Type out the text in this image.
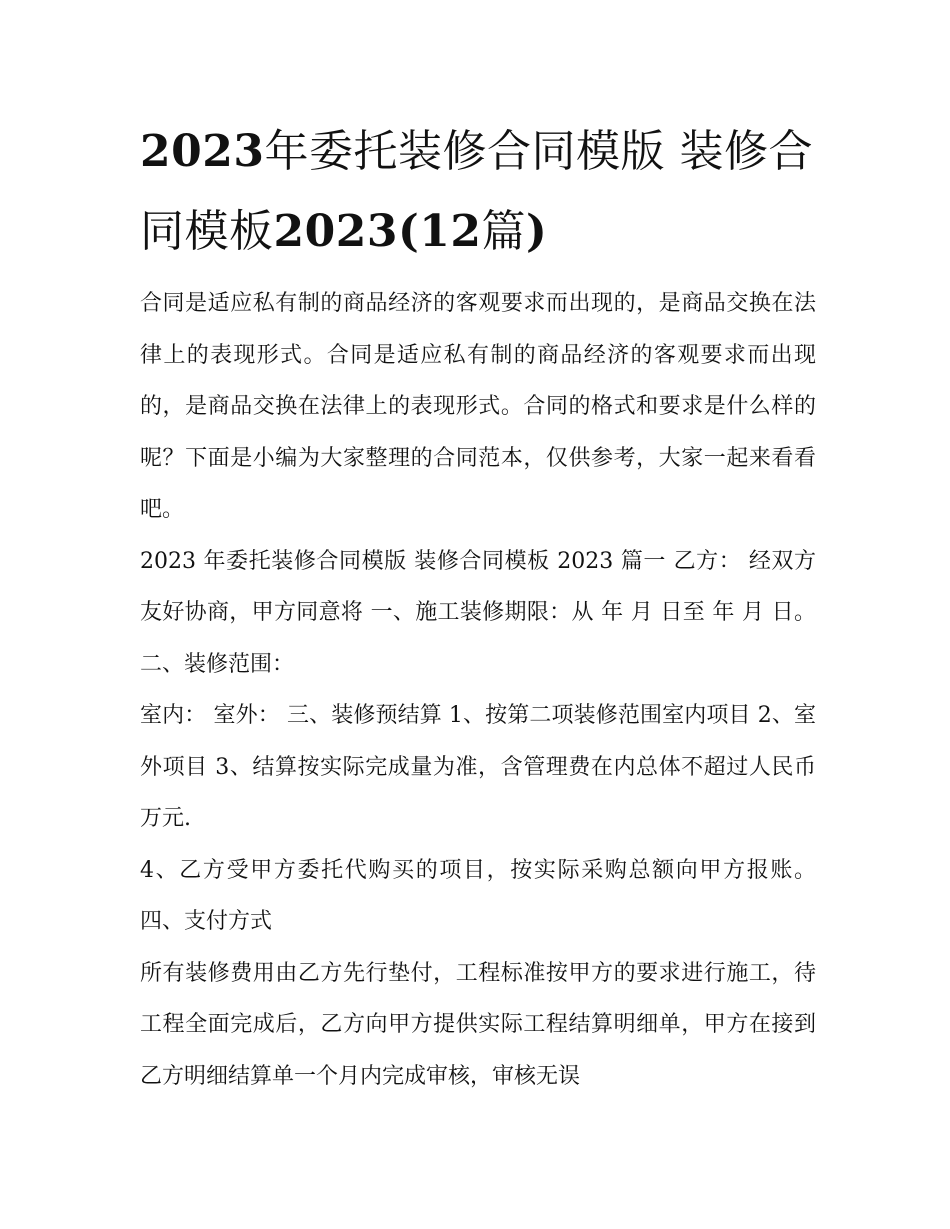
2023年委托装修合同模版 装修合同模板2023(12篇)

合同是适应私有制的商品经济的客观要求而出现的，是商品交换在法律上的表现形式。合同是适应私有制的商品经济的客观要求而出现的，是商品交换在法律上的表现形式。合同的格式和要求是什么样的呢？下面是小编为大家整理的合同范本，仅供参考，大家一起来看看吧。

2023 年委托装修合同模版 装修合同模板 2023 篇一 乙方： 经双方友好协商，甲方同意将 一、施工装修期限：从 年 月 日至 年 月 日。 二、装修范围：

室内： 室外： 三、装修预结算 1、按第二项装修范围室内项目 2、室外项目 3、结算按实际完成量为准，含管理费在内总体不超过人民币万元.

4、乙方受甲方委托代购买的项目，按实际采购总额向甲方报账。 四、支付方式

所有装修费用由乙方先行垫付，工程标准按甲方的要求进行施工，待工程全面完成后，乙方向甲方提供实际工程结算明细单，甲方在接到乙方明细结算单一个月内完成审核，审核无误
